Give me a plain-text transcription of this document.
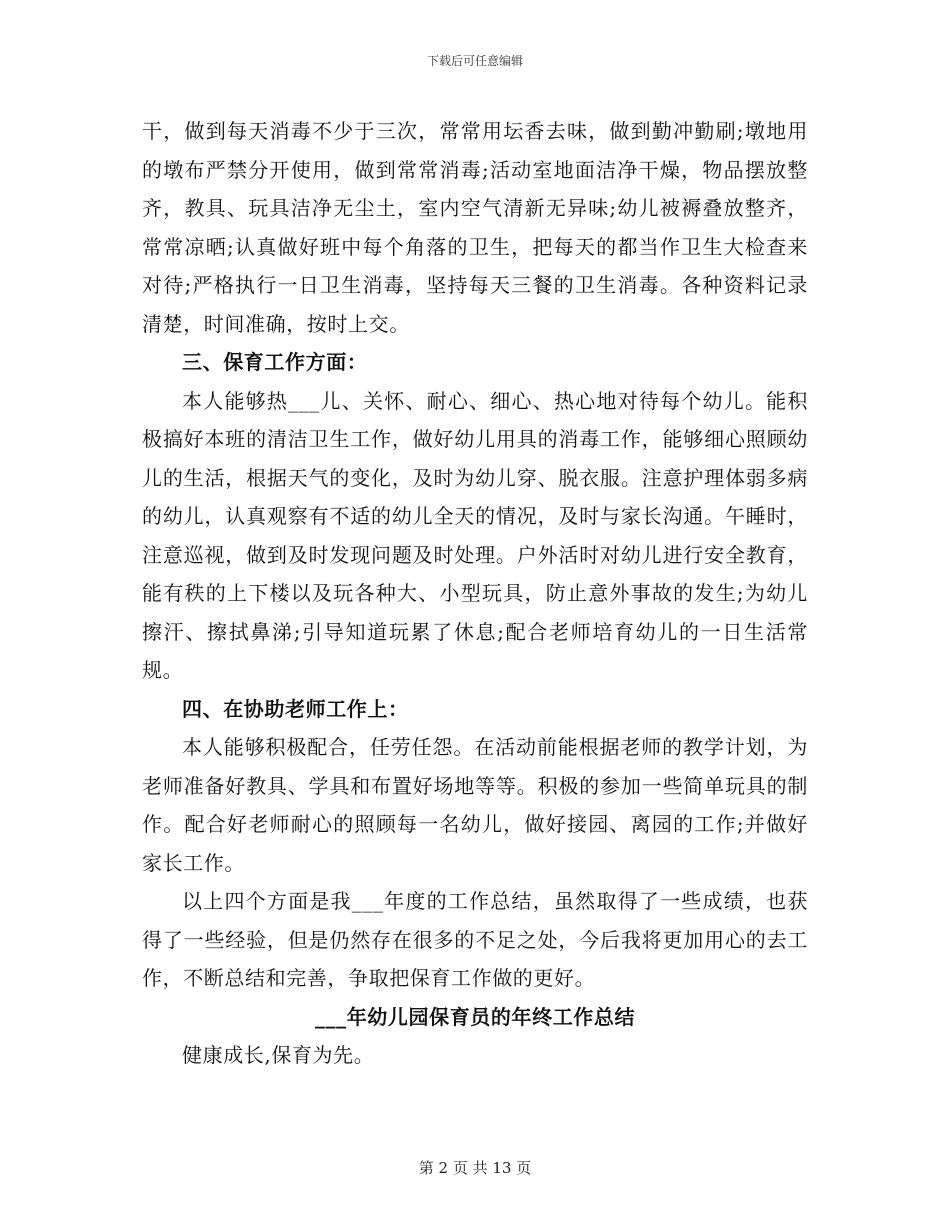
下载后可任意编辑

干，做到每天消毒不少于三次，常常用坛香去味，做到勤冲勤刷;墩地用的墩布严禁分开使用，做到常常消毒;活动室地面洁净干燥，物品摆放整齐，教具、玩具洁净无尘土，室内空气清新无异味;幼儿被褥叠放整齐，常常凉晒;认真做好班中每个角落的卫生，把每天的都当作卫生大检查来对待;严格执行一日卫生消毒，坚持每天三餐的卫生消毒。各种资料记录清楚，时间准确，按时上交。

三、保育工作方面：

本人能够热___儿、关怀、耐心、细心、热心地对待每个幼儿。能积极搞好本班的清洁卫生工作，做好幼儿用具的消毒工作，能够细心照顾幼儿的生活，根据天气的变化，及时为幼儿穿、脱衣服。注意护理体弱多病的幼儿，认真观察有不适的幼儿全天的情况，及时与家长沟通。午睡时，注意巡视，做到及时发现问题及时处理。户外活时对幼儿进行安全教育，能有秩的上下楼以及玩各种大、小型玩具，防止意外事故的发生;为幼儿擦汗、擦拭鼻涕;引导知道玩累了休息;配合老师培育幼儿的一日生活常规。

四、在协助老师工作上：

本人能够积极配合，任劳任怨。在活动前能根据老师的教学计划，为老师准备好教具、学具和布置好场地等等。积极的参加一些简单玩具的制作。配合好老师耐心的照顾每一名幼儿，做好接园、离园的工作;并做好家长工作。

以上四个方面是我___年度的工作总结，虽然取得了一些成绩，也获得了一些经验，但是仍然存在很多的不足之处，今后我将更加用心的去工作，不断总结和完善，争取把保育工作做的更好。

___年幼儿园保育员的年终工作总结

健康成长,保育为先。

第 2 页 共 13 页
